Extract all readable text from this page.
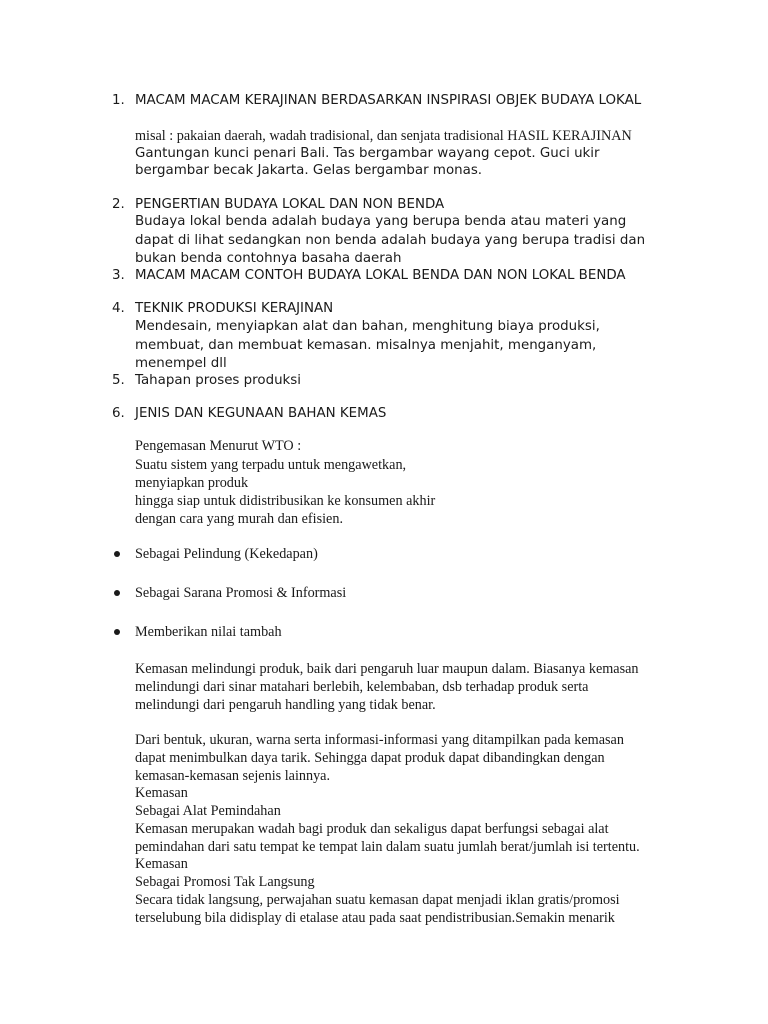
1. MACAM MACAM KERAJINAN BERDASARKAN INSPIRASI OBJEK BUDAYA LOKAL
misal : pakaian daerah, wadah tradisional, dan senjata tradisional HASIL KERAJINAN
Gantungan kunci penari Bali. Tas bergambar wayang cepot. Guci ukir
bergambar becak Jakarta. Gelas bergambar monas.
2. PENGERTIAN BUDAYA LOKAL DAN NON BENDA
Budaya lokal benda adalah budaya yang berupa benda atau materi yang
dapat di lihat sedangkan non benda adalah budaya yang berupa tradisi dan
bukan benda contohnya basaha daerah
3. MACAM MACAM CONTOH BUDAYA LOKAL BENDA DAN NON LOKAL BENDA
4. TEKNIK PRODUKSI KERAJINAN
Mendesain, menyiapkan alat dan bahan, menghitung biaya produksi,
membuat, dan membuat kemasan. misalnya menjahit, menganyam,
menempel dll
5. Tahapan proses produksi
6. JENIS DAN KEGUNAAN BAHAN KEMAS
Pengemasan Menurut WTO :
Suatu sistem yang terpadu untuk mengawetkan,
menyiapkan produk
hingga siap untuk didistribusikan ke konsumen akhir
dengan cara yang murah dan efisien.
Sebagai Pelindung (Kekedapan)
Sebagai Sarana Promosi & Informasi
Memberikan nilai tambah
Kemasan melindungi produk, baik dari pengaruh luar maupun dalam. Biasanya kemasan
melindungi dari sinar matahari berlebih, kelembaban, dsb terhadap produk serta
melindungi dari pengaruh handling yang tidak benar.
Dari bentuk, ukuran, warna serta informasi-informasi yang ditampilkan pada kemasan
dapat menimbulkan daya tarik. Sehingga dapat produk dapat dibandingkan dengan
kemasan-kemasan sejenis lainnya.
Kemasan
Sebagai Alat Pemindahan
Kemasan merupakan wadah bagi produk dan sekaligus dapat berfungsi sebagai alat
pemindahan dari satu tempat ke tempat lain dalam suatu jumlah berat/jumlah isi tertentu.
Kemasan
Sebagai Promosi Tak Langsung
Secara tidak langsung, perwajahan suatu kemasan dapat menjadi iklan gratis/promosi
terselubung bila didisplay di etalase atau pada saat pendistribusian.Semakin menarik
